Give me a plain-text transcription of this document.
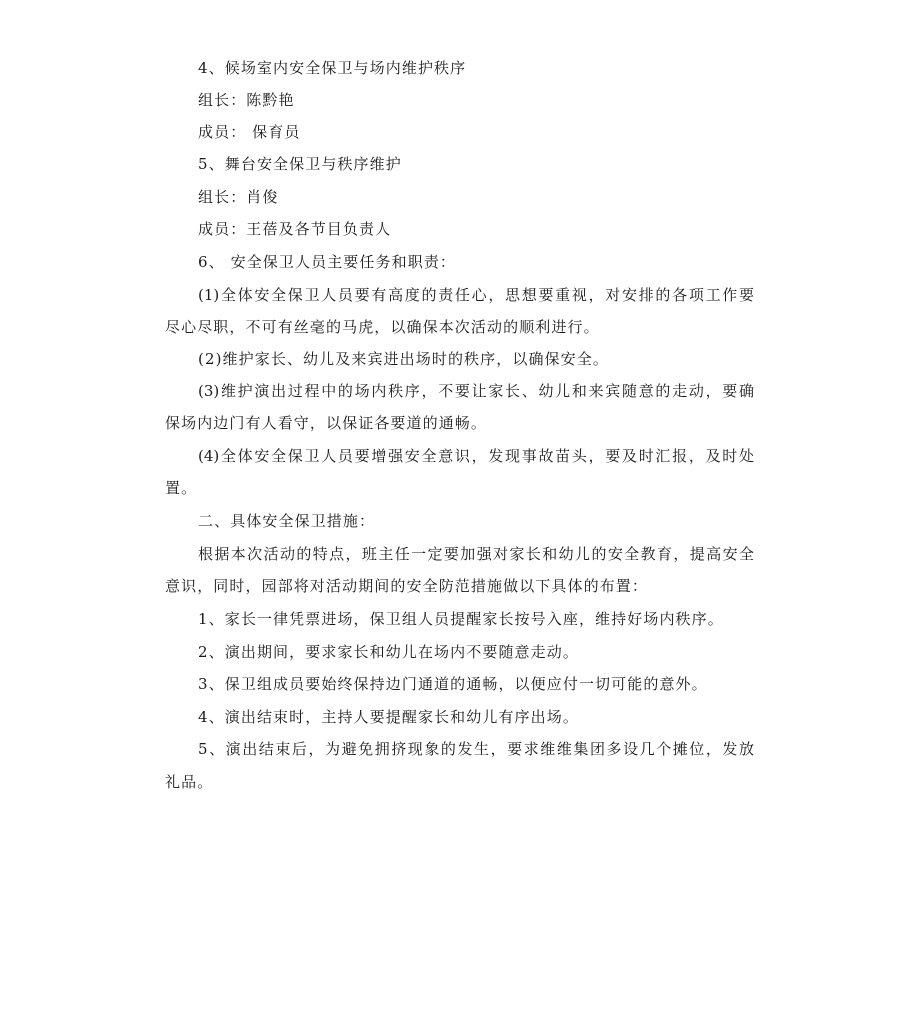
4、候场室内安全保卫与场内维护秩序
组长：陈黔艳
成员： 保育员
5、舞台安全保卫与秩序维护
组长：肖俊
成员：王蓓及各节目负责人
6、 安全保卫人员主要任务和职责：
(1)全体安全保卫人员要有高度的责任心，思想要重视，对安排的各项工作要
尽心尽职，不可有丝毫的马虎，以确保本次活动的顺利进行。
(2)维护家长、幼儿及来宾进出场时的秩序，以确保安全。
(3)维护演出过程中的场内秩序，不要让家长、幼儿和来宾随意的走动，要确
保场内边门有人看守，以保证各要道的通畅。
(4)全体安全保卫人员要增强安全意识，发现事故苗头，要及时汇报，及时处
置。
二、具体安全保卫措施：
根据本次活动的特点，班主任一定要加强对家长和幼儿的安全教育，提高安全
意识，同时，园部将对活动期间的安全防范措施做以下具体的布置：
1、家长一律凭票进场，保卫组人员提醒家长按号入座，维持好场内秩序。
2、演出期间，要求家长和幼儿在场内不要随意走动。
3、保卫组成员要始终保持边门通道的通畅，以便应付一切可能的意外。
4、演出结束时，主持人要提醒家长和幼儿有序出场。
5、演出结束后，为避免拥挤现象的发生，要求维维集团多设几个摊位，发放
礼品。
